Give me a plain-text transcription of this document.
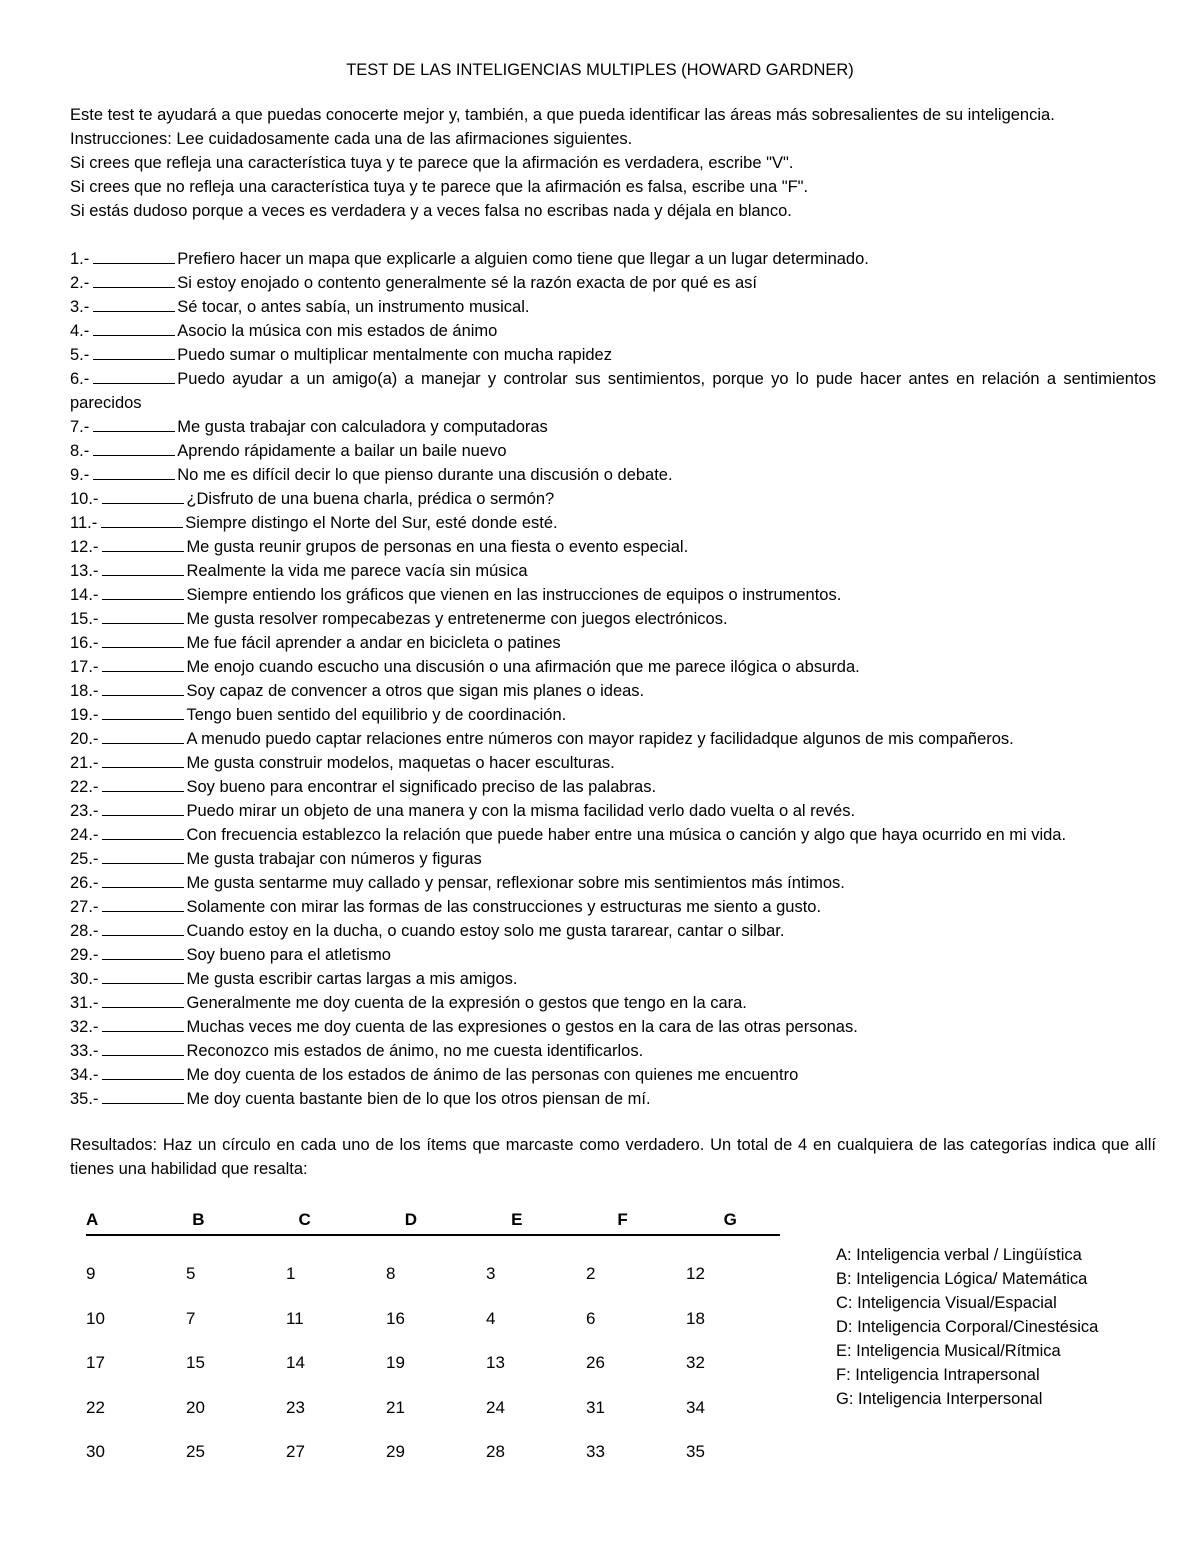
TEST DE LAS INTELIGENCIAS MULTIPLES (HOWARD GARDNER)
Este test te ayudará a que puedas conocerte mejor y, también, a que pueda identificar las áreas más sobresalientes de su inteligencia.
Instrucciones: Lee cuidadosamente cada una de las afirmaciones siguientes.
Si crees que refleja una característica tuya y te parece que la afirmación es verdadera, escribe "V".
Si crees que no refleja una característica tuya y te parece que la afirmación es falsa, escribe una "F".
Si estás dudoso porque a veces es verdadera y a veces falsa no escribas nada y déjala en blanco.
1.-	Prefiero hacer un mapa que explicarle a alguien como tiene que llegar a un lugar determinado.
2.-	Si estoy enojado o contento generalmente sé la razón exacta de por qué es así
3.-	Sé tocar, o antes sabía, un instrumento musical.
4.-	Asocio la música con mis estados de ánimo
5.-	Puedo sumar o multiplicar mentalmente con mucha rapidez
6.-	Puedo ayudar a un amigo(a) a manejar y controlar sus sentimientos, porque yo lo pude hacer antes en relación a sentimientos parecidos
7.-	Me gusta trabajar con calculadora y computadoras
8.-	Aprendo rápidamente a bailar un baile nuevo
9.-	No me es difícil decir lo que pienso durante una discusión o debate.
10.-	¿Disfruto de una buena charla, prédica o sermón?
11.-	Siempre distingo el Norte del Sur, esté donde esté.
12.-	Me gusta reunir grupos de personas en una fiesta o evento especial.
13.-	Realmente la vida me parece vacía sin música
14.-	Siempre entiendo los gráficos que vienen en las instrucciones de equipos o instrumentos.
15.-	Me gusta resolver rompecabezas y entretenerme con juegos electrónicos.
16.-	Me fue fácil aprender a andar en bicicleta o patines
17.-	Me enojo cuando escucho una discusión o una afirmación que me parece ilógica o absurda.
18.-	Soy capaz de convencer a otros que sigan mis planes o ideas.
19.-	Tengo buen sentido del equilibrio y de coordinación.
20.-	A menudo puedo captar relaciones entre números con mayor rapidez y facilidadque algunos de mis compañeros.
21.-	Me gusta construir modelos, maquetas o hacer esculturas.
22.-	Soy bueno para encontrar el significado preciso de las palabras.
23.-	Puedo mirar un objeto de una manera y con la misma facilidad verlo dado vuelta o al revés.
24.-	Con frecuencia establezco la relación que puede haber entre una música o canción y algo que haya ocurrido en mi vida.
25.-	Me gusta trabajar con números y figuras
26.-	Me gusta sentarme muy callado y pensar, reflexionar sobre mis sentimientos más íntimos.
27.-	Solamente con mirar las formas de las construcciones y estructuras me siento a gusto.
28.-	Cuando estoy en la ducha, o cuando estoy solo me gusta tararear, cantar o silbar.
29.-	Soy bueno para el atletismo
30.-	Me gusta escribir cartas largas a mis amigos.
31.-	Generalmente me doy cuenta de la expresión o gestos que tengo en la cara.
32.-	Muchas veces me doy cuenta de las expresiones o gestos en la cara de las otras personas.
33.-	Reconozco mis estados de ánimo, no me cuesta identificarlos.
34.-	Me doy cuenta de los estados de ánimo de las personas con quienes me encuentro
35.-	Me doy cuenta bastante bien de lo que los otros piensan de mí.
Resultados: Haz un círculo en cada uno de los ítems que marcaste como verdadero. Un total de 4 en cualquiera de las categorías indica que allí tienes una habilidad que resalta:
A	B	C	D	E	F	G
9	5	1	8	3	2	12
10	7	11	16	4	6	18
17	15	14	19	13	26	32
22	20	23	21	24	31	34
30	25	27	29	28	33	35
A: Inteligencia verbal / Lingüística
B: Inteligencia Lógica/ Matemática
C: Inteligencia Visual/Espacial
D: Inteligencia Corporal/Cinestésica
E: Inteligencia Musical/Rítmica
F: Inteligencia Intrapersonal
G: Inteligencia Interpersonal
